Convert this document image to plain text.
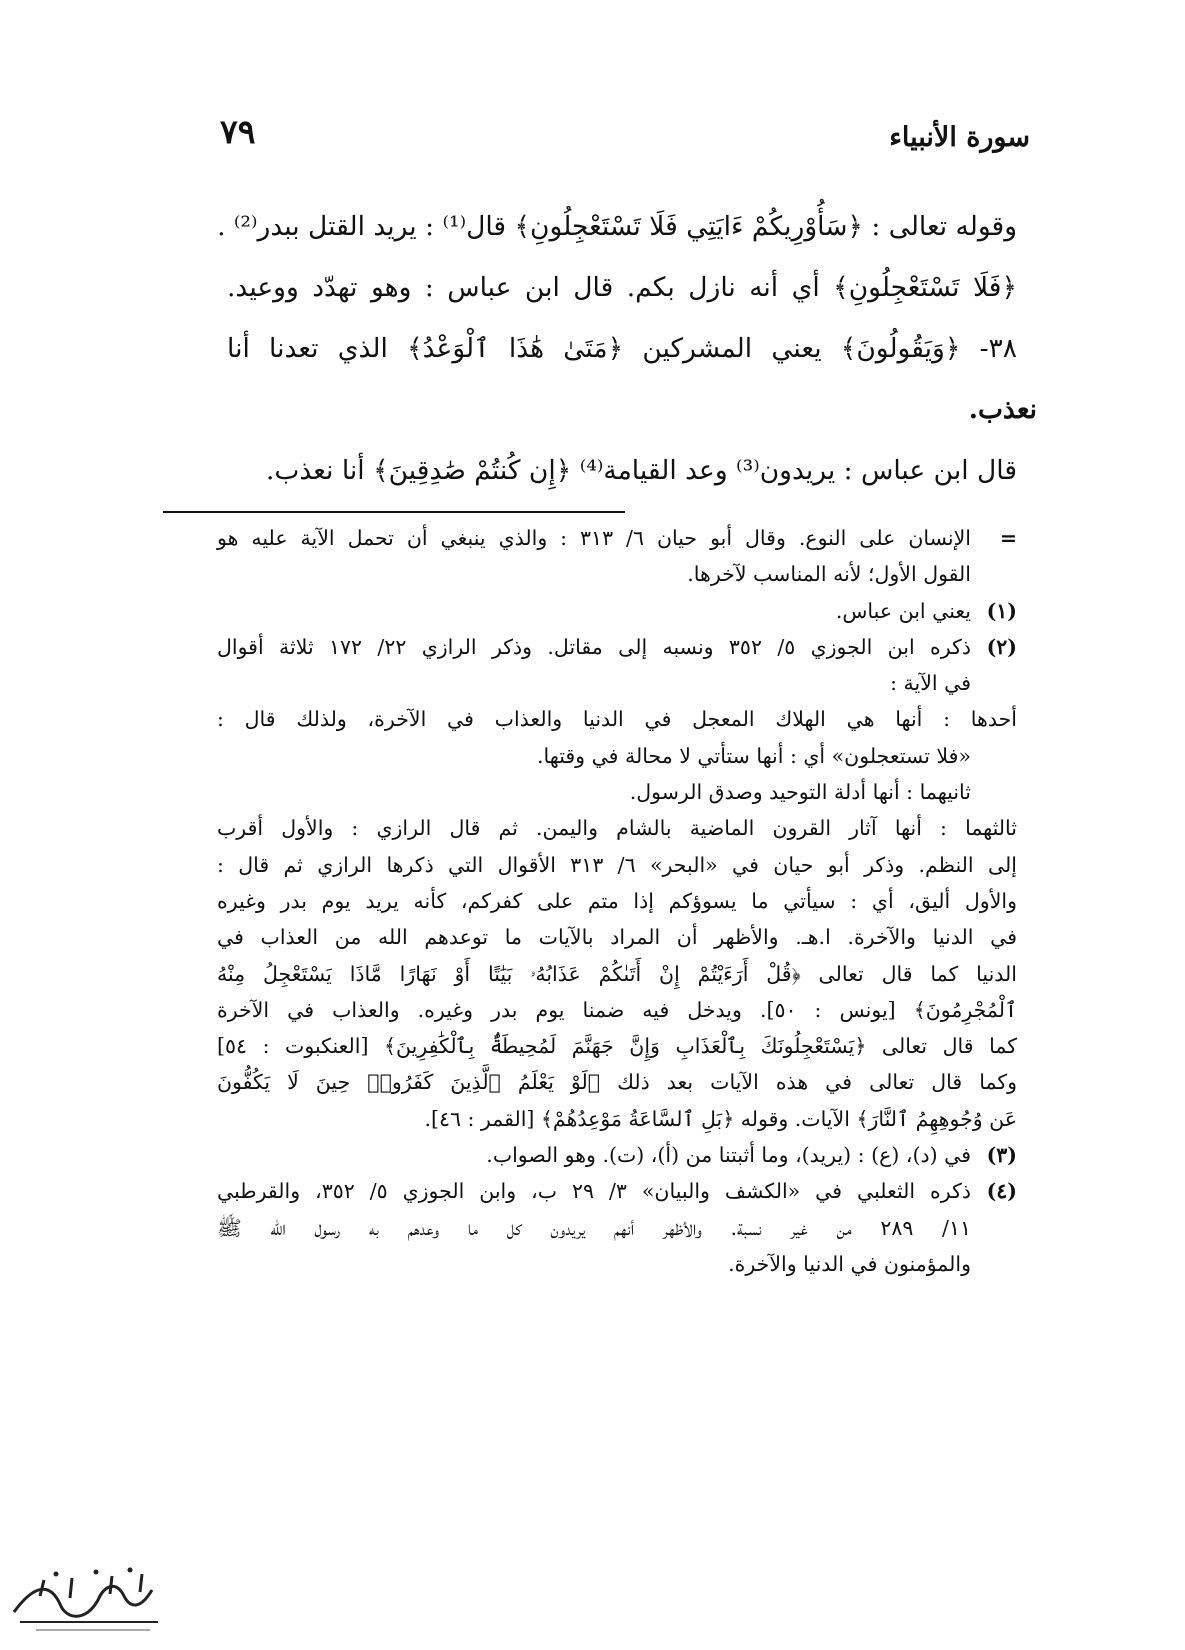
سورة الأنبياء
٧٩
وقوله تعالى : ﴿سَأُوْرِيكُمْ ءَايَتِي فَلَا تَسْتَعْجِلُونِ﴾ قال⁽¹⁾ : يريد القتل ببدر⁽²⁾ .
﴿فَلَا تَسْتَعْجِلُونِ﴾ أي أنه نازل بكم. قال ابن عباس : وهو تهدّد ووعيد.
٣٨- ﴿وَيَقُولُونَ﴾ يعني المشركين ﴿مَتَىٰ هَٰذَا ٱلْوَعْدُ﴾ الذي تعدنا أنا
نعذب.
قال ابن عباس : يريدون⁽³⁾ وعد القيامة⁽⁴⁾ ﴿إِن كُنتُمْ صَٰدِقِينَ﴾ أنا نعذب.
=
الإنسان على النوع. وقال أبو حيان ٦/ ٣١٣ : والذي ينبغي أن تحمل الآية عليه هو
القول الأول؛ لأنه المناسب لآخرها.
(١)
يعني ابن عباس.
(٢)
ذكره ابن الجوزي ٥/ ٣٥٢ ونسبه إلى مقاتل. وذكر الرازي ٢٢/ ١٧٢ ثلاثة أقوال
في الآية :
أحدها : أنها هي الهلاك المعجل في الدنيا والعذاب في الآخرة، ولذلك قال :
«فلا تستعجلون» أي : أنها ستأتي لا محالة في وقتها.
ثانيهما : أنها أدلة التوحيد وصدق الرسول.
ثالثهما : أنها آثار القرون الماضية بالشام واليمن. ثم قال الرازي : والأول أقرب
إلى النظم. وذكر أبو حيان في «البحر» ٦/ ٣١٣ الأقوال التي ذكرها الرازي ثم قال :
والأول أليق، أي : سيأتي ما يسوؤكم إذا متم على كفركم، كأنه يريد يوم بدر وغيره
في الدنيا والآخرة. ا.هـ. والأظهر أن المراد بالآيات ما توعدهم الله من العذاب في
الدنيا كما قال تعالى ﴿قُلْ أَرَءَيْتُمْ إِنْ أَتَىٰكُمْ عَذَابُهُۥ بَيَٰتًا أَوْ نَهَارًا مَّاذَا يَسْتَعْجِلُ مِنْهُ
ٱلْمُجْرِمُونَ﴾ [يونس : ٥٠]. ويدخل فيه ضمنا يوم بدر وغيره. والعذاب في الآخرة
كما قال تعالى ﴿يَسْتَعْجِلُونَكَ بِٱلْعَذَابِ وَإِنَّ جَهَنَّمَ لَمُحِيطَةٌۢ بِٱلْكَٰفِرِينَ﴾ [العنكبوت : ٥٤]
وكما قال تعالى في هذه الآيات بعد ذلك ﴿لَوْ يَعْلَمُ ٱلَّذِينَ كَفَرُوا۟ حِينَ لَا يَكُفُّونَ
عَن وُجُوهِهِمُ ٱلنَّارَ﴾ الآيات. وقوله ﴿بَلِ ٱلسَّاعَةُ مَوْعِدُهُمْ﴾ [القمر : ٤٦].
(٣)
في (د)، (ع) : (يريد)، وما أثبتنا من (أ)، (ت). وهو الصواب.
(٤)
ذكره الثعلبي في «الكشف والبيان» ٣/ ٢٩ ب، وابن الجوزي ٥/ ٣٥٢، والقرطبي
١١/ ٢٨٩ من غير نسبة. والأظهر أنهم يريدون كل ما وعدهم به رسول الله ﷺ
والمؤمنون في الدنيا والآخرة.
